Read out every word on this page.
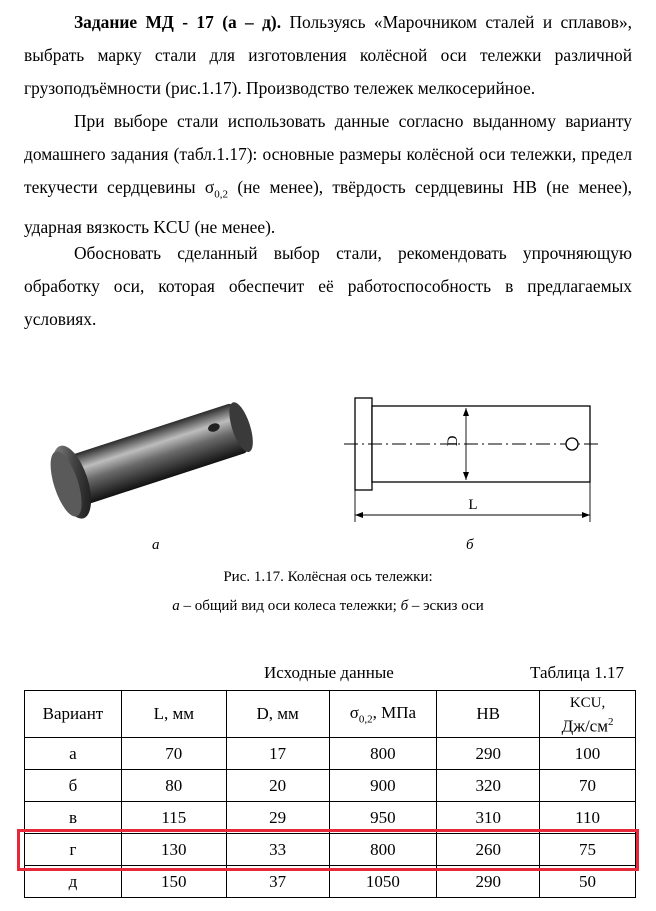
Задание МД - 17 (а – д). Пользуясь «Марочником сталей и сплавов», выбрать марку стали для изготовления колёсной оси тележки различной грузоподъёмности (рис.1.17). Производство тележек мелкосерийное.

При выборе стали использовать данные согласно выданному варианту домашнего задания (табл.1.17): основные размеры колёсной оси тележки, предел текучести сердцевины $\sigma_{0,2}$ (не менее), твёрдость сердцевины HB (не менее), ударная вязкость KCU (не менее).

Обосновать сделанный выбор стали, рекомендовать упрочняющую обработку оси, которая обеспечит её работоспособность в предлагаемых условиях.

D
L
а	б
Рис. 1.17. Колёсная ось тележки:
а – общий вид оси колеса тележки; б – эскиз оси
Исходные данные	Таблица 1.17
Вариант	L, мм	D, мм	$\sigma_{0,2}$, МПа	HB	KCU,
$Дж/см^2$
а	70	17	800	290	100
б	80	20	900	320	70
в	115	29	950	310	110
г	130	33	800	260	75
д	150	37	1050	290	50
